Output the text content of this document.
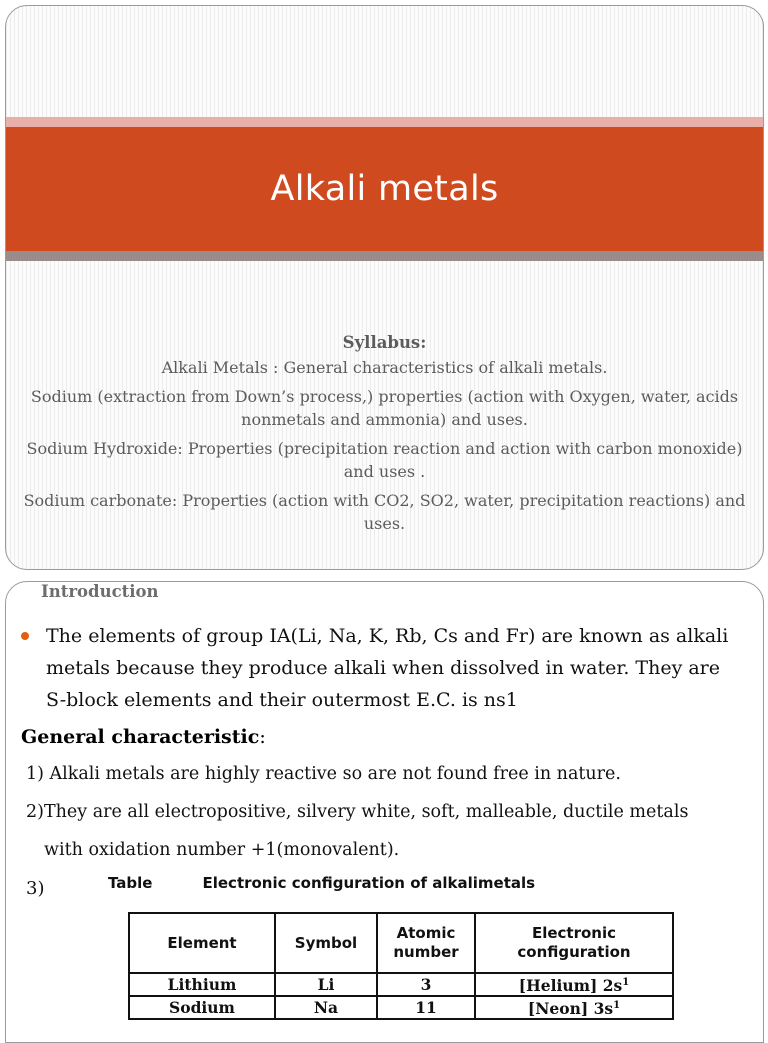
Alkali metals
Syllabus:

Alkali Metals : General characteristics of alkali metals.

Sodium (extraction from Down’s process,) properties (action with Oxygen, water, acids nonmetals and ammonia) and uses.

Sodium Hydroxide: Properties (precipitation reaction and action with carbon monoxide) and uses .

Sodium carbonate: Properties (action with CO2, SO2, water, precipitation reactions) and uses.

Introduction
The elements of group IA(Li, Na, K, Rb, Cs and Fr) are known as alkali metals because they produce alkali when dissolved in water. They are S-block elements and their outermost E.C. is ns1
General characteristic:
1) Alkali metals are highly reactive so are not found free in nature.
2)They are all electropositive, silvery white, soft, malleable, ductile metals
with oxidation number +1(monovalent).
3)	Table	Electronic configuration of alkalimetals
Element	Symbol	Atomic number	Electronic configuration
Lithium	Li	3	[Helium] $2s^1$
Sodium	Na	11	[Neon] $3s^1$
